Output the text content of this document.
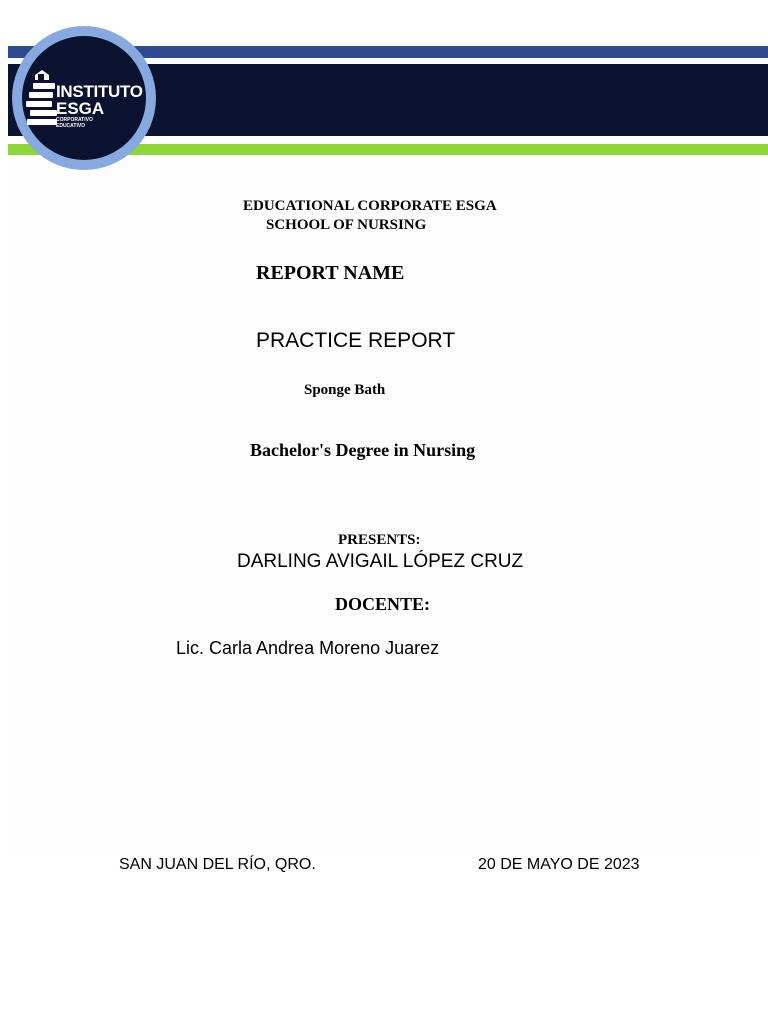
INSTITUTO
ESGA
CORPORATIVO
EDUCATIVO
EDUCATIONAL CORPORATE ESGA
SCHOOL OF NURSING
REPORT NAME
PRACTICE REPORT
Sponge Bath
Bachelor's Degree in Nursing
PRESENTS:
DARLING AVIGAIL LÓPEZ CRUZ
DOCENTE:
Lic. Carla Andrea Moreno Juarez
SAN JUAN DEL RÍO, QRO.	20 DE MAYO DE 2023
